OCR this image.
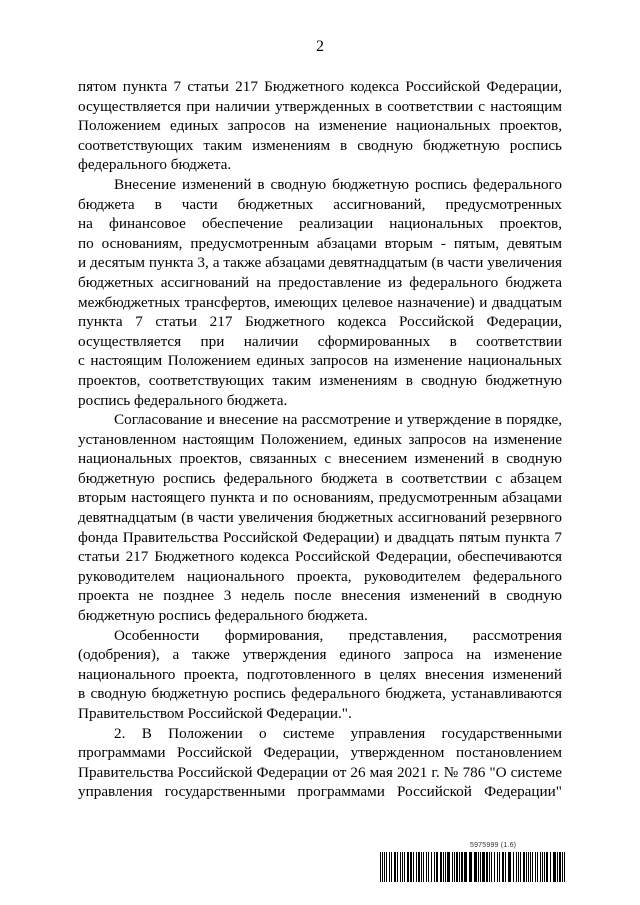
2
пятом пункта 7 статьи 217 Бюджетного кодекса Российской Федерации,
осуществляется при наличии утвержденных в соответствии с настоящим
Положением единых запросов на изменение национальных проектов,
соответствующих таким изменениям в сводную бюджетную роспись
федерального бюджета.
Внесение изменений в сводную бюджетную роспись федерального
бюджета в части бюджетных ассигнований, предусмотренных
на финансовое обеспечение реализации национальных проектов,
по основаниям, предусмотренным абзацами вторым - пятым, девятым
и десятым пункта 3, а также абзацами девятнадцатым (в части увеличения
бюджетных ассигнований на предоставление из федерального бюджета
межбюджетных трансфертов, имеющих целевое назначение) и двадцатым
пункта 7 статьи 217 Бюджетного кодекса Российской Федерации,
осуществляется при наличии сформированных в соответствии
с настоящим Положением единых запросов на изменение национальных
проектов, соответствующих таким изменениям в сводную бюджетную
роспись федерального бюджета.
Согласование и внесение на рассмотрение и утверждение в порядке,
установленном настоящим Положением, единых запросов на изменение
национальных проектов, связанных с внесением изменений в сводную
бюджетную роспись федерального бюджета в соответствии с абзацем
вторым настоящего пункта и по основаниям, предусмотренным абзацами
девятнадцатым (в части увеличения бюджетных ассигнований резервного
фонда Правительства Российской Федерации) и двадцать пятым пункта 7
статьи 217 Бюджетного кодекса Российской Федерации, обеспечиваются
руководителем национального проекта, руководителем федерального
проекта не позднее 3 недель после внесения изменений в сводную
бюджетную роспись федерального бюджета.
Особенности формирования, представления, рассмотрения
(одобрения), а также утверждения единого запроса на изменение
национального проекта, подготовленного в целях внесения изменений
в сводную бюджетную роспись федерального бюджета, устанавливаются
Правительством Российской Федерации.".
2. В Положении о системе управления государственными
программами Российской Федерации, утвержденном постановлением
Правительства Российской Федерации от 26 мая 2021 г. № 786 "О системе
управления государственными программами Российской Федерации"
5975999 (1.6)
